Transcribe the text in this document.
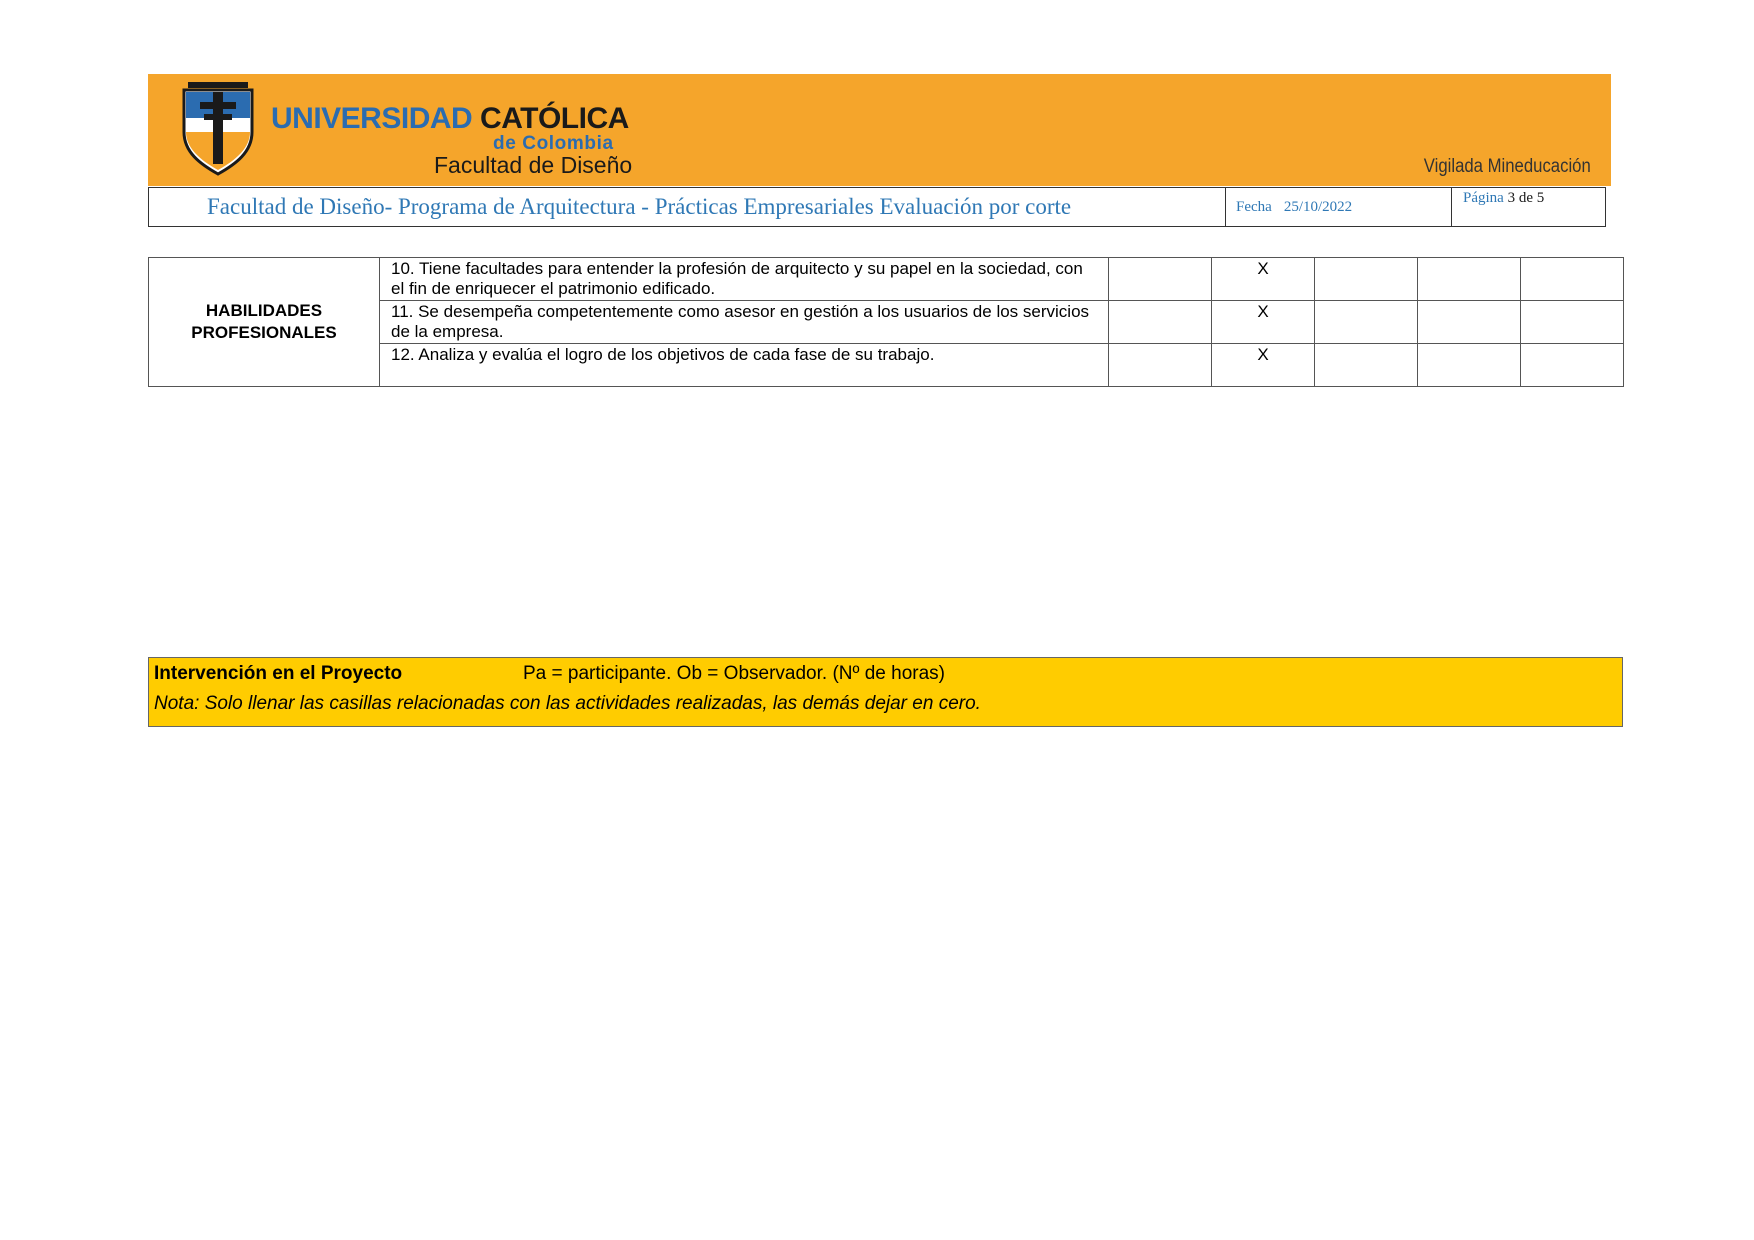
UNIVERSIDAD CATÓLICA
de Colombia
Facultad de Diseño	Vigilada Mineducación
Facultad de Diseño- Programa de Arquitectura - Prácticas Empresariales Evaluación por corte	Fecha 25/10/2022
Página 3 de 5
HABILIDADES PROFESIONALES	10. Tiene facultades para entender la profesión de arquitecto y su papel en la sociedad, con el fin de enriquecer el patrimonio edificado.		X			
	11. Se desempeña competentemente como asesor en gestión a los usuarios de los servicios de la empresa.		X			
	12. Analiza y evalúa el logro de los objetivos de cada fase de su trabajo.		X			
Intervención en el Proyecto	Pa = participante. Ob = Observador. (Nº de horas)
Nota: Solo llenar las casillas relacionadas con las actividades realizadas, las demás dejar en cero.
